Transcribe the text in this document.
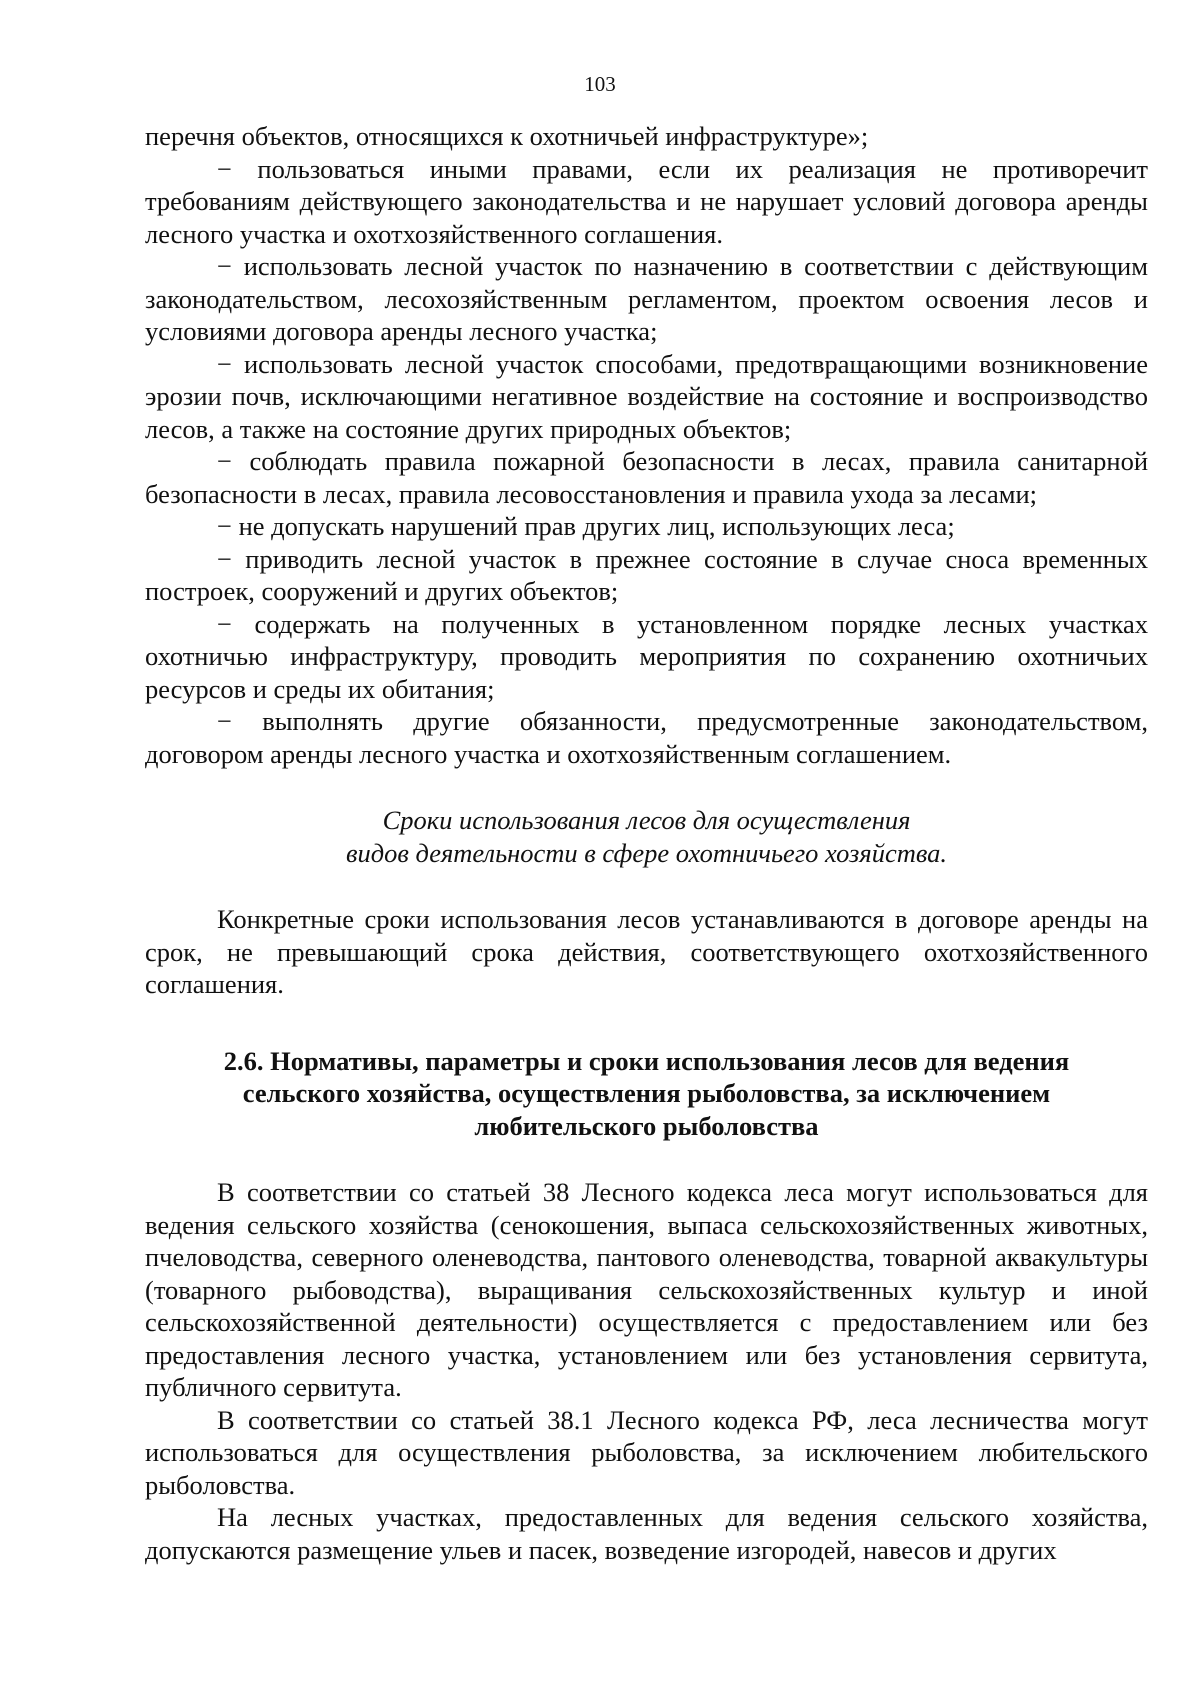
103

перечня объектов, относящихся к охотничьей инфраструктуре»;

− пользоваться иными правами, если их реализация не противоречит требованиям действующего законодательства и не нарушает условий договора аренды лесного участка и охотхозяйственного соглашения.

− использовать лесной участок по назначению в соответствии с действующим законодательством, лесохозяйственным регламентом, проектом освоения лесов и условиями договора аренды лесного участка;

− использовать лесной участок способами, предотвращающими возникновение эрозии почв, исключающими негативное воздействие на состояние и воспроизводство лесов, а также на состояние других природных объектов;

− соблюдать правила пожарной безопасности в лесах, правила санитарной безопасности в лесах, правила лесовосстановления и правила ухода за лесами;

− не допускать нарушений прав других лиц, использующих леса;

− приводить лесной участок в прежнее состояние в случае сноса временных построек, сооружений и других объектов;

− содержать на полученных в установленном порядке лесных участках охотничью инфраструктуру, проводить мероприятия по сохранению охотничьих ресурсов и среды их обитания;

− выполнять другие обязанности, предусмотренные законодательством, договором аренды лесного участка и охотхозяйственным соглашением.

Сроки использования лесов для осуществления
видов деятельности в сфере охотничьего хозяйства.

Конкретные сроки использования лесов устанавливаются в договоре аренды на срок, не превышающий срока действия, соответствующего охотхозяйственного соглашения.

2.6. Нормативы, параметры и сроки использования лесов для ведения
сельского хозяйства, осуществления рыболовства, за исключением
любительского рыболовства

В соответствии со статьей 38 Лесного кодекса леса могут использоваться для ведения сельского хозяйства (сенокошения, выпаса сельскохозяйственных животных, пчеловодства, северного оленеводства, пантового оленеводства, товарной аквакультуры (товарного рыбоводства), выращивания сельскохозяйственных культур и иной сельскохозяйственной деятельности) осуществляется с предоставлением или без предоставления лесного участка, установлением или без установления сервитута, публичного сервитута.

В соответствии со статьей 38.1 Лесного кодекса РФ, леса лесничества могут использоваться для осуществления рыболовства, за исключением любительского рыболовства.

На лесных участках, предоставленных для ведения сельского хозяйства, допускаются размещение ульев и пасек, возведение изгородей, навесов и других
